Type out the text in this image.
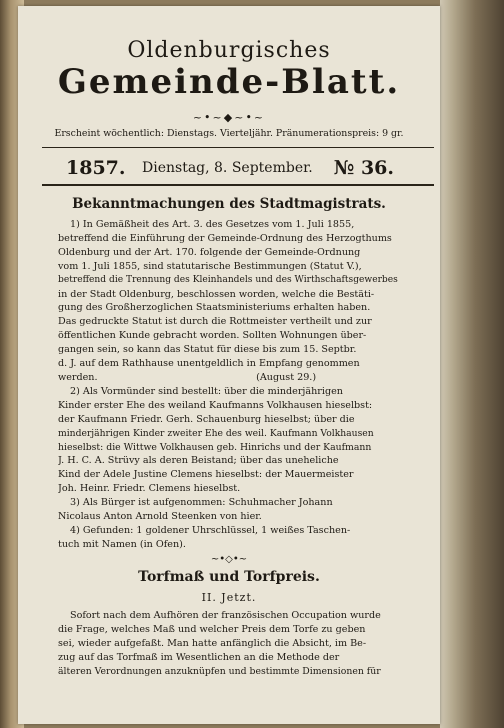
Oldenburgisches
Gemeinde-Blatt.
~•~◆~•~
Erscheint wöchentlich: Dienstags. Vierteljähr. Pränumerationspreis: 9 gr.
1857. Dienstag, 8. September. № 36.
Bekanntmachungen des Stadtmagistrats.
1) In Gemäßheit des Art. 3. des Gesetzes vom 1. Juli 1855,
betreffend die Einführung der Gemeinde-Ordnung des Herzogthums
Oldenburg und der Art. 170. folgende der Gemeinde-Ordnung
vom 1. Juli 1855, sind statutarische Bestimmungen (Statut V.),
betreffend die Trennung des Kleinhandels und des Wirthschaftsgewerbes
in der Stadt Oldenburg, beschlossen worden, welche die Bestäti-
gung des Großherzoglichen Staatsministeriums erhalten haben.
Das gedruckte Statut ist durch die Rottmeister vertheilt und zur
öffentlichen Kunde gebracht worden. Sollten Wohnungen über-
gangen sein, so kann das Statut für diese bis zum 15. Septbr.
d. J. auf dem Rathhause unentgeldlich in Empfang genommen
werden.                                                    (August 29.)
2) Als Vormünder sind bestellt: über die minderjährigen
Kinder erster Ehe des weiland Kaufmanns Volkhausen hieselbst:
der Kaufmann Friedr. Gerh. Schauenburg hieselbst; über die
minderjährigen Kinder zweiter Ehe des weil. Kaufmann Volkhausen
hieselbst: die Wittwe Volkhausen geb. Hinrichs und der Kaufmann
J. H. C. A. Strüvy als deren Beistand; über das uneheliche
Kind der Adele Justine Clemens hieselbst: der Mauermeister
Joh. Heinr. Friedr. Clemens hieselbst.
3) Als Bürger ist aufgenommen: Schuhmacher Johann
Nicolaus Anton Arnold Steenken von hier.
4) Gefunden: 1 goldener Uhrschlüssel, 1 weißes Taschen-
tuch mit Namen (in Ofen).
~•◇•~
Torfmaß und Torfpreis.
II. Jetzt.
Sofort nach dem Aufhören der französischen Occupation wurde
die Frage, welches Maß und welcher Preis dem Torfe zu geben
sei, wieder aufgefaßt. Man hatte anfänglich die Absicht, im Be-
zug auf das Torfmaß im Wesentlichen an die Methode der
älteren Verordnungen anzuknüpfen und bestimmte Dimensionen für
